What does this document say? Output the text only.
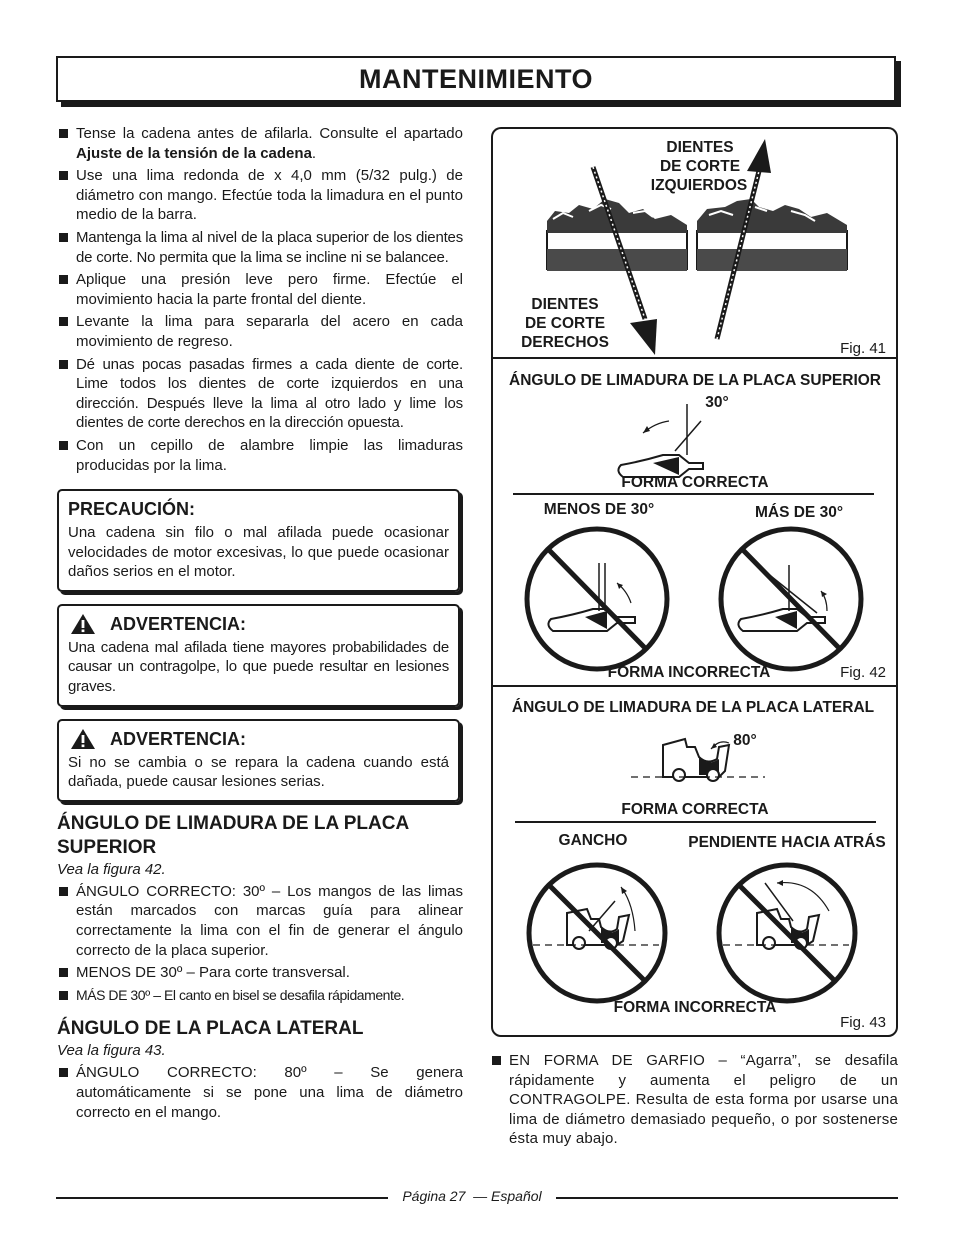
MANTENIMIENTO
Tense la cadena antes de afilarla. Consulte el apartado Ajuste de la tensión de la cadena.
Use una lima redonda de x 4,0 mm (5/32 pulg.) de diámetro con mango. Efectúe toda la limadura en el punto medio de la barra.
Mantenga la lima al nivel de la placa superior de los dientes de corte. No permita que la lima se incline ni se balancee.
Aplique una presión leve pero firme. Efectúe el movimiento hacia la parte frontal del diente.
Levante la lima para separarla del acero en cada movimiento de regreso.
Dé unas pocas pasadas firmes a cada diente de corte. Lime todos los dientes de corte izquierdos en una dirección. Después lleve la lima al otro lado y lime los dientes de corte derechos en la dirección opuesta.
Con un cepillo de alambre limpie las limaduras producidas por la lima.
PRECAUCIÓN:
Una cadena sin filo o mal afilada puede ocasionar velocidades de motor excesivas, lo que puede ocasionar daños serios en el motor.
ADVERTENCIA:
Una cadena mal afilada tiene mayores probabilidades de causar un contragolpe, lo que puede resultar en lesiones graves.
ADVERTENCIA:
Si no se cambia o se repara la cadena cuando está dañada, puede causar lesiones serias.
ÁNGULO DE LIMADURA DE LA PLACA SUPERIOR
Vea la figura 42.
ÁNGULO CORRECTO: 30º – Los mangos de las limas están marcados con marcas guía para alinear correctamente la lima con el fin de generar el ángulo correcto de la placa superior.
MENOS DE 30º – Para corte transversal.
MÁS DE 30º – El canto en bisel se desafila rápidamente.
ÁNGULO DE LA PLACA LATERAL
Vea la figura 43.
ÁNGULO CORRECTO: 80º – Se genera automáticamente si se pone una lima de diámetro correcto en el mango.
DIENTES
DE CORTE
IZQUIERDOS
DIENTES
DE CORTE
DERECHOS	Fig. 41
ÁNGULO DE LIMADURA DE LA PLACA SUPERIOR
30°
FORMA CORRECTA
MENOS DE 30°	MÁS DE 30°
FORMA INCORRECTA	Fig. 42
ÁNGULO DE LIMADURA DE LA PLACA LATERAL
80°
FORMA CORRECTA
GANCHO	PENDIENTE HACIA ATRÁS
FORMA INCORRECTA
Fig. 43
EN FORMA DE GARFIO – “Agarra”, se desafila rápidamente y aumenta el peligro de un CONTRAGOLPE. Resulta de esta forma por usarse una lima de diámetro demasiado pequeño, o por sostenerse ésta muy abajo.
Página 27 — Español
